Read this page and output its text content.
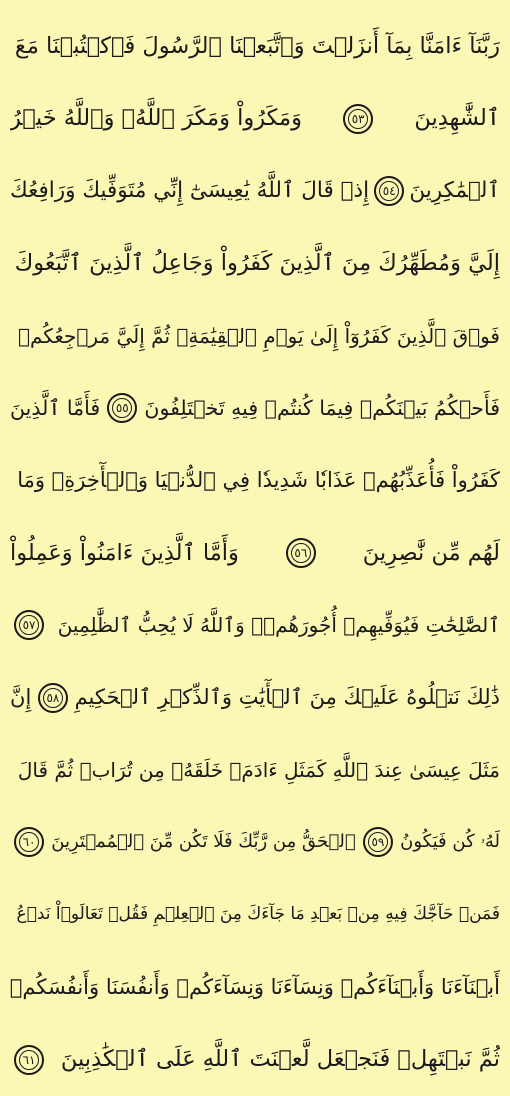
رَبَّنَآ ءَامَنَّا بِمَآ أَنزَلۡتَ وَٱتَّبَعۡنَا ٱلرَّسُولَ فَٱكۡتُبۡنَا مَعَ
ٱلشَّٰهِدِينَ
٥٣
وَمَكَرُواْ وَمَكَرَ ٱللَّهُۖ وَٱللَّهُ خَيۡرُ
ٱلۡمَٰكِرِينَ
٥٤
إِذۡ قَالَ ٱللَّهُ يَٰعِيسَىٰٓ إِنِّي مُتَوَفِّيكَ وَرَافِعُكَ
إِلَيَّ وَمُطَهِّرُكَ مِنَ ٱلَّذِينَ كَفَرُواْ وَجَاعِلُ ٱلَّذِينَ ٱتَّبَعُوكَ
فَوۡقَ ٱلَّذِينَ كَفَرُوٓاْ إِلَىٰ يَوۡمِ ٱلۡقِيَٰمَةِۖ ثُمَّ إِلَيَّ مَرۡجِعُكُمۡ
فَأَحۡكُمُ بَيۡنَكُمۡ فِيمَا كُنتُمۡ فِيهِ تَخۡتَلِفُونَ
٥٥
فَأَمَّا ٱلَّذِينَ
كَفَرُواْ فَأُعَذِّبُهُمۡ عَذَابٗا شَدِيدٗا فِي ٱلدُّنۡيَا وَٱلۡأٓخِرَةِۖ وَمَا
لَهُم مِّن نَّٰصِرِينَ
٥٦
وَأَمَّا ٱلَّذِينَ ءَامَنُواْ وَعَمِلُواْ
ٱلصَّٰلِحَٰتِ فَيُوَفِّيهِمۡ أُجُورَهُمۡۗ وَٱللَّهُ لَا يُحِبُّ ٱلظَّٰلِمِينَ
٥٧
ذَٰلِكَ نَتۡلُوهُ عَلَيۡكَ مِنَ ٱلۡأٓيَٰتِ وَٱلذِّكۡرِ ٱلۡحَكِيمِ
٥٨
إِنَّ
مَثَلَ عِيسَىٰ عِندَ ٱللَّهِ كَمَثَلِ ءَادَمَۖ خَلَقَهُۥ مِن تُرَابٖ ثُمَّ قَالَ
لَهُۥ كُن فَيَكُونُ
٥٩
ٱلۡحَقُّ مِن رَّبِّكَ فَلَا تَكُن مِّنَ ٱلۡمُمۡتَرِينَ
٦٠
فَمَنۡ حَآجَّكَ فِيهِ مِنۢ بَعۡدِ مَا جَآءَكَ مِنَ ٱلۡعِلۡمِ فَقُلۡ تَعَالَوۡاْ نَدۡعُ
أَبۡنَآءَنَا وَأَبۡنَآءَكُمۡ وَنِسَآءَنَا وَنِسَآءَكُمۡ وَأَنفُسَنَا وَأَنفُسَكُمۡ
ثُمَّ نَبۡتَهِلۡ فَنَجۡعَل لَّعۡنَتَ ٱللَّهِ عَلَى ٱلۡكَٰذِبِينَ
٦١
